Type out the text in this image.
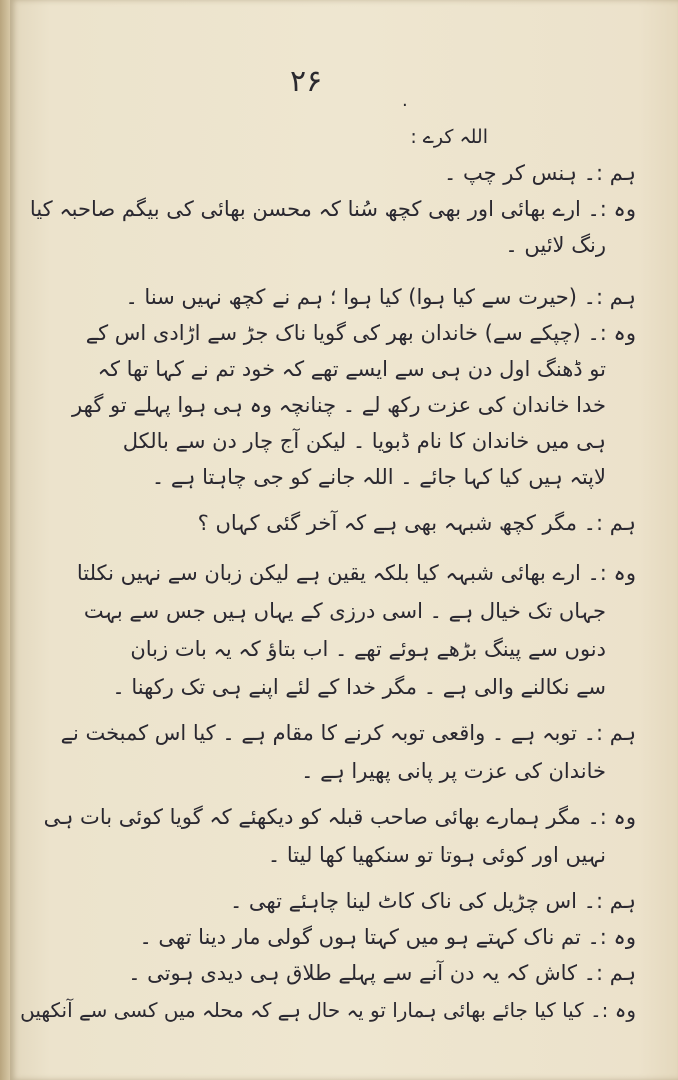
۲۶
.
اللہ کرے :
ہم :۔ ہنس کر چپ ۔
وہ :۔ ارے بھائی اور بھی کچھ سُنا کہ محسن بھائی کی بیگم صاحبہ کیا
رنگ لائیں ۔
ہم :۔ (حیرت سے کیا ہوا) کیا ہوا ؛ ہم نے کچھ نہیں سنا ۔
وہ :۔ (چپکے سے) خاندان بھر کی گویا ناک جڑ سے اڑادی اس کے
تو ڈھنگ اول دن ہی سے ایسے تھے کہ خود تم نے کہا تھا کہ
خدا خاندان کی عزت رکھ لے ۔ چنانچہ وہ ہی ہوا پہلے تو گھر
ہی میں خاندان کا نام ڈبویا ۔ لیکن آج چار دن سے بالکل
لاپتہ ہیں کیا کہا جائے ۔ اللہ جانے کو جی چاہتا ہے ۔
ہم :۔ مگر کچھ شبہہ بھی ہے کہ آخر گئی کہاں ؟
وہ :۔ ارے بھائی شبہہ کیا بلکہ یقین ہے لیکن زبان سے نہیں نکلتا
جہاں تک خیال ہے ۔ اسی درزی کے یہاں ہیں جس سے بہت
دنوں سے پینگ بڑھے ہوئے تھے ۔ اب بتاؤ کہ یہ بات زبان
سے نکالنے والی ہے ۔ مگر خدا کے لئے اپنے ہی تک رکھنا ۔
ہم :۔ توبہ ہے ۔ واقعی توبہ کرنے کا مقام ہے ۔ کیا اس کمبخت نے
خاندان کی عزت پر پانی پھیرا ہے ۔
وہ :۔ مگر ہمارے بھائی صاحب قبلہ کو دیکھئے کہ گویا کوئی بات ہی
نہیں اور کوئی ہوتا تو سنکھیا کھا لیتا ۔
ہم :۔ اس چڑیل کی ناک کاٹ لینا چاہئے تھی ۔
وہ :۔ تم ناک کہتے ہو میں کہتا ہوں گولی مار دینا تھی ۔
ہم :۔ کاش کہ یہ دن آنے سے پہلے طلاق ہی دیدی ہوتی ۔
وہ :۔ کیا کیا جائے بھائی ہمارا تو یہ حال ہے کہ محلہ میں کسی سے آنکھیں
